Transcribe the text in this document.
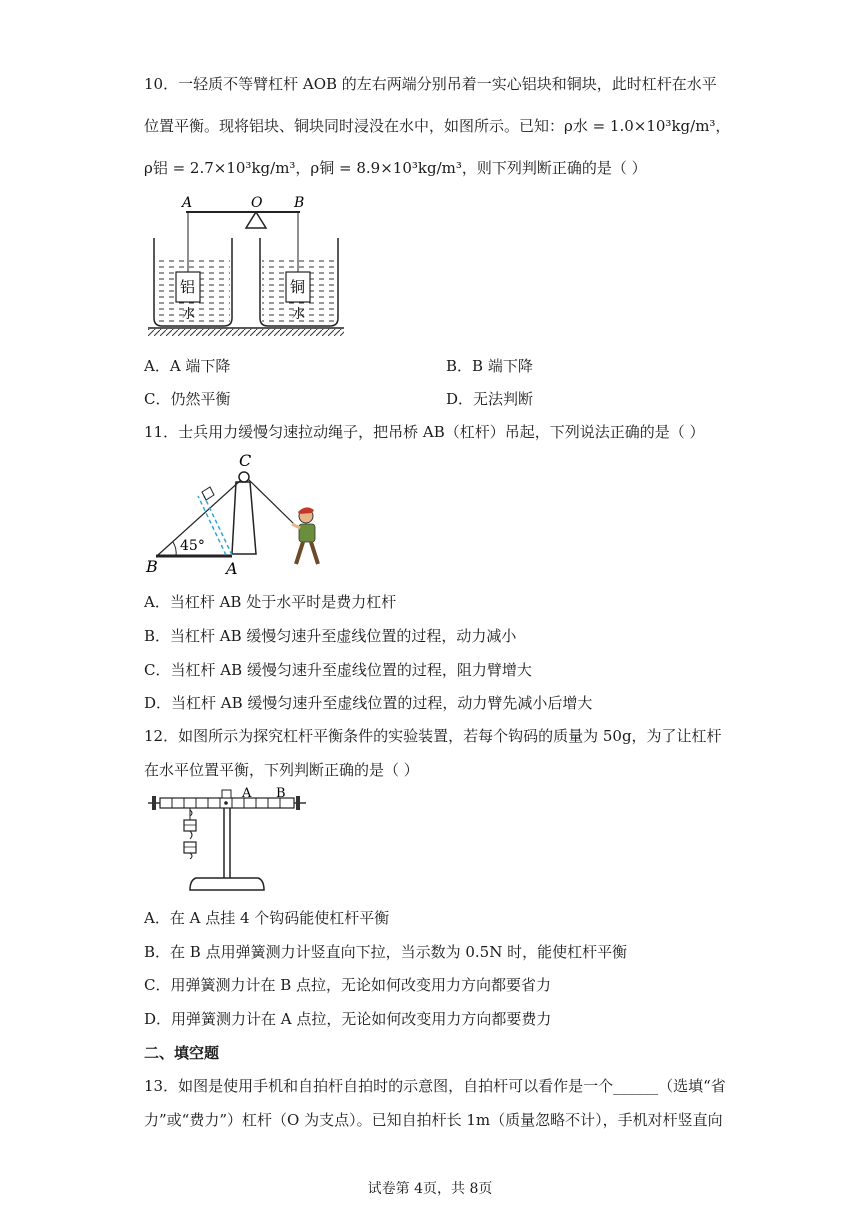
10．一轻质不等臂杠杆 AOB 的左右两端分别吊着一实心铝块和铜块，此时杠杆在水平
位置平衡。现将铝块、铜块同时浸没在水中，如图所示。已知：ρ水 = 1.0×10³kg/m³，
ρ铝 = 2.7×10³kg/m³，ρ铜 = 8.9×10³kg/m³，则下列判断正确的是（ ）
A	O B
铝	铜
水	水
A．A 端下降	B．B 端下降
C．仍然平衡	D．无法判断
11．士兵用力缓慢匀速拉动绳子，把吊桥 AB（杠杆）吊起，下列说法正确的是（ ）
C
B	A
45°
A．当杠杆 AB 处于水平时是费力杠杆
B．当杠杆 AB 缓慢匀速升至虚线位置的过程，动力减小
C．当杠杆 AB 缓慢匀速升至虚线位置的过程，阻力臂增大
D．当杠杆 AB 缓慢匀速升至虚线位置的过程，动力臂先减小后增大
12．如图所示为探究杠杆平衡条件的实验装置，若每个钩码的质量为 50g，为了让杠杆
在水平位置平衡，下列判断正确的是（ ）
A B
A．在 A 点挂 4 个钩码能使杠杆平衡
B．在 B 点用弹簧测力计竖直向下拉，当示数为 0.5N 时，能使杠杆平衡
C．用弹簧测力计在 B 点拉，无论如何改变用力方向都要省力
D．用弹簧测力计在 A 点拉，无论如何改变用力方向都要费力
二、填空题
13．如图是使用手机和自拍杆自拍时的示意图，自拍杆可以看作是一个______（选填“省
力”或“费力”）杠杆（O 为支点）。已知自拍杆长 1m（质量忽略不计），手机对杆竖直向
试卷第 4页，共 8页
